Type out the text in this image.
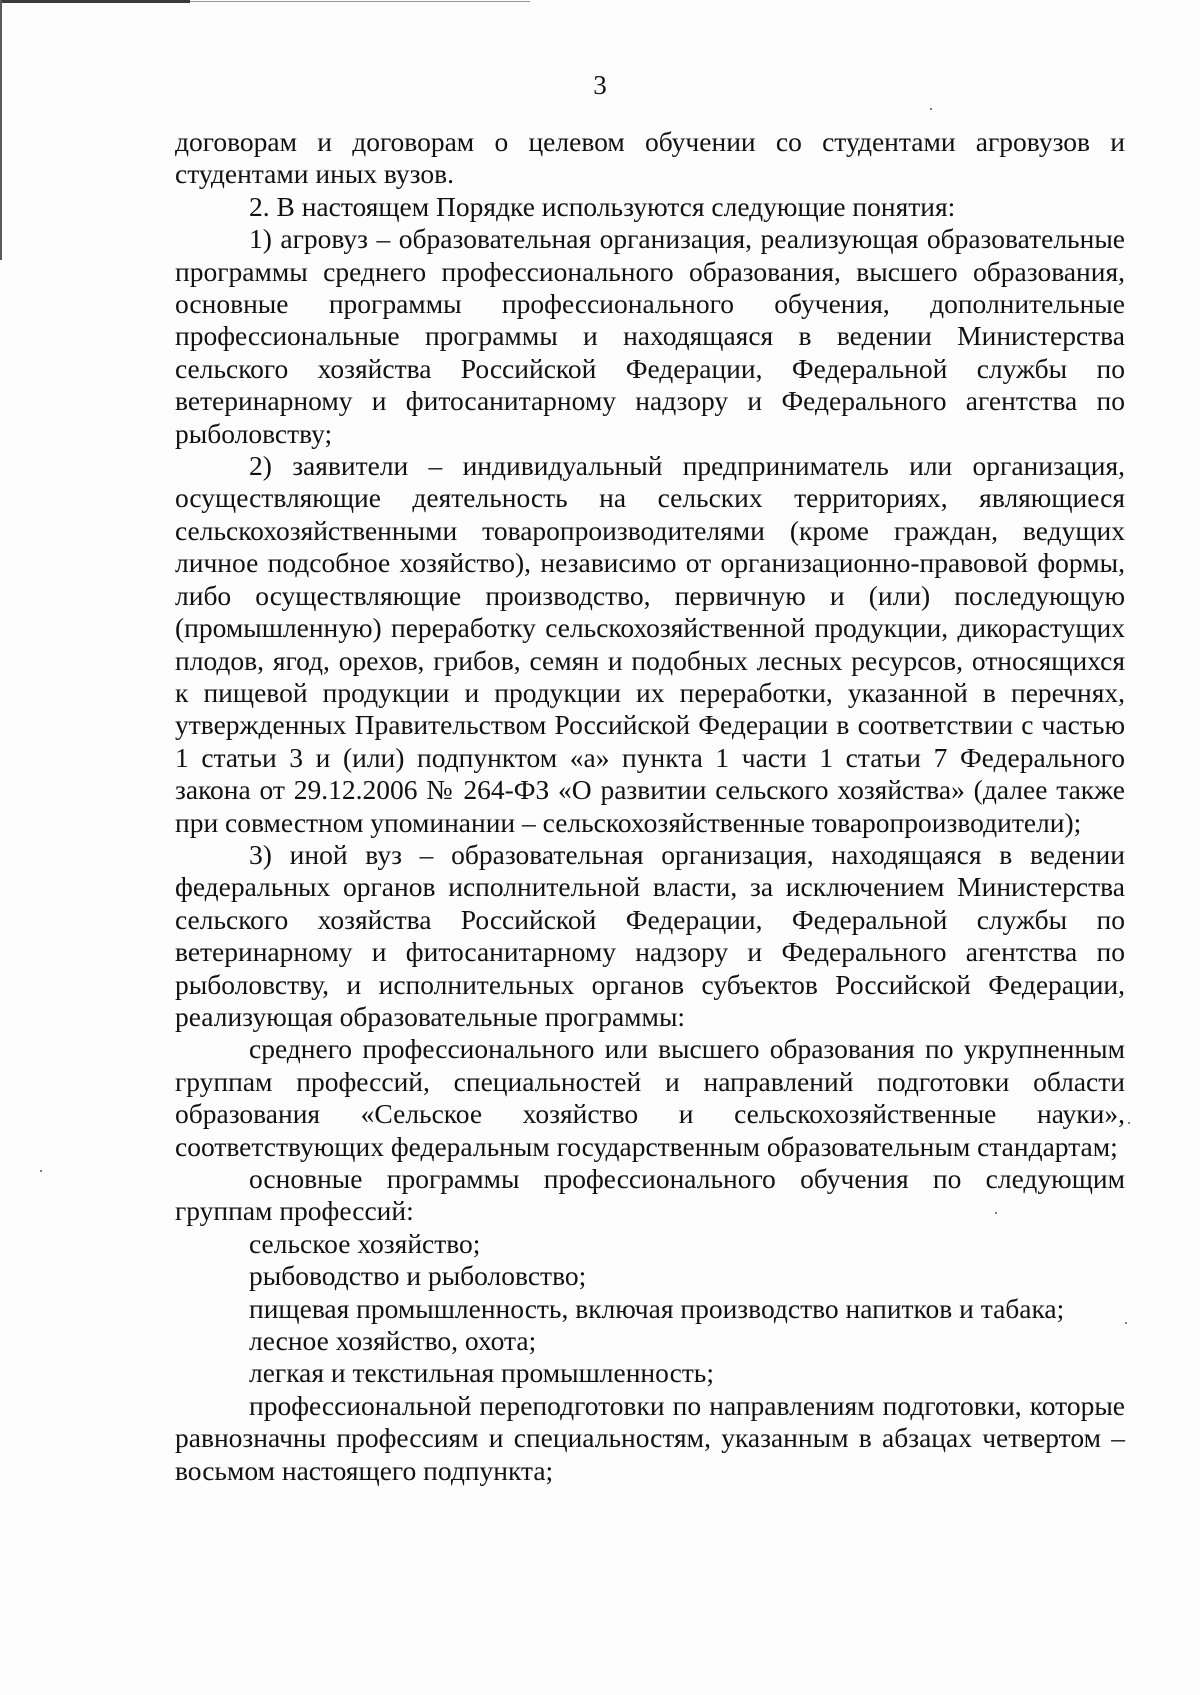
3

договорам и договорам о целевом обучении со студентами агровузов и студентами иных вузов.

2. В настоящем Порядке используются следующие понятия:

1) агровуз – образовательная организация, реализующая образовательные программы среднего профессионального образования, высшего образования, основные программы профессионального обучения, дополнительные профессиональные программы и находящаяся в ведении Министерства сельского хозяйства Российской Федерации, Федеральной службы по ветеринарному и фитосанитарному надзору и Федерального агентства по рыболовству;

2) заявители – индивидуальный предприниматель или организация, осуществляющие деятельность на сельских территориях, являющиеся сельскохозяйственными товаропроизводителями (кроме граждан, ведущих личное подсобное хозяйство), независимо от организационно-правовой формы, либо осуществляющие производство, первичную и (или) последующую (промышленную) переработку сельскохозяйственной продукции, дикорастущих плодов, ягод, орехов, грибов, семян и подобных лесных ресурсов, относящихся к пищевой продукции и продукции их переработки, указанной в перечнях, утвержденных Правительством Российской Федерации в соответствии с частью 1 статьи 3 и (или) подпунктом «а» пункта 1 части 1 статьи 7 Федерального закона от 29.12.2006 № 264-ФЗ «О развитии сельского хозяйства» (далее также при совместном упоминании – сельскохозяйственные товаропроизводители);

3) иной вуз – образовательная организация, находящаяся в ведении федеральных органов исполнительной власти, за исключением Министерства сельского хозяйства Российской Федерации, Федеральной службы по ветеринарному и фитосанитарному надзору и Федерального агентства по рыболовству, и исполнительных органов субъектов Российской Федерации, реализующая образовательные программы:

среднего профессионального или высшего образования по укрупненным группам профессий, специальностей и направлений подготовки области образования «Сельское хозяйство и сельскохозяйственные науки», соответствующих федеральным государственным образовательным стандартам;

основные программы профессионального обучения по следующим группам профессий:

сельское хозяйство;

рыбоводство и рыболовство;

пищевая промышленность, включая производство напитков и табака;

лесное хозяйство, охота;

легкая и текстильная промышленность;

профессиональной переподготовки по направлениям подготовки, которые равнозначны профессиям и специальностям, указанным в абзацах четвертом – восьмом настоящего подпункта;
